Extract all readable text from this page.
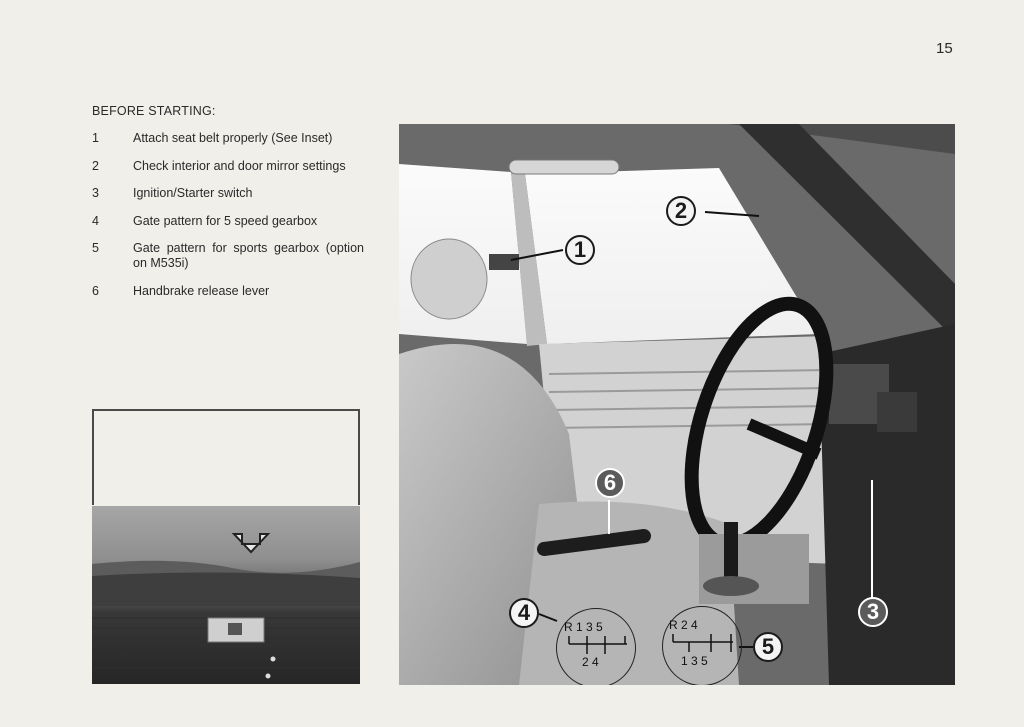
15
BEFORE STARTING:
1	Attach seat belt properly (See Inset)
2	Check interior and door mirror settings
3	Ignition/Starter switch
4	Gate pattern for 5 speed gearbox
5	Gate pattern for sports gearbox (option on M535i)
6	Handbrake release lever
R 1 3 5
2 4
R 2 4
1 3 5
1
2
3
4
5
6
